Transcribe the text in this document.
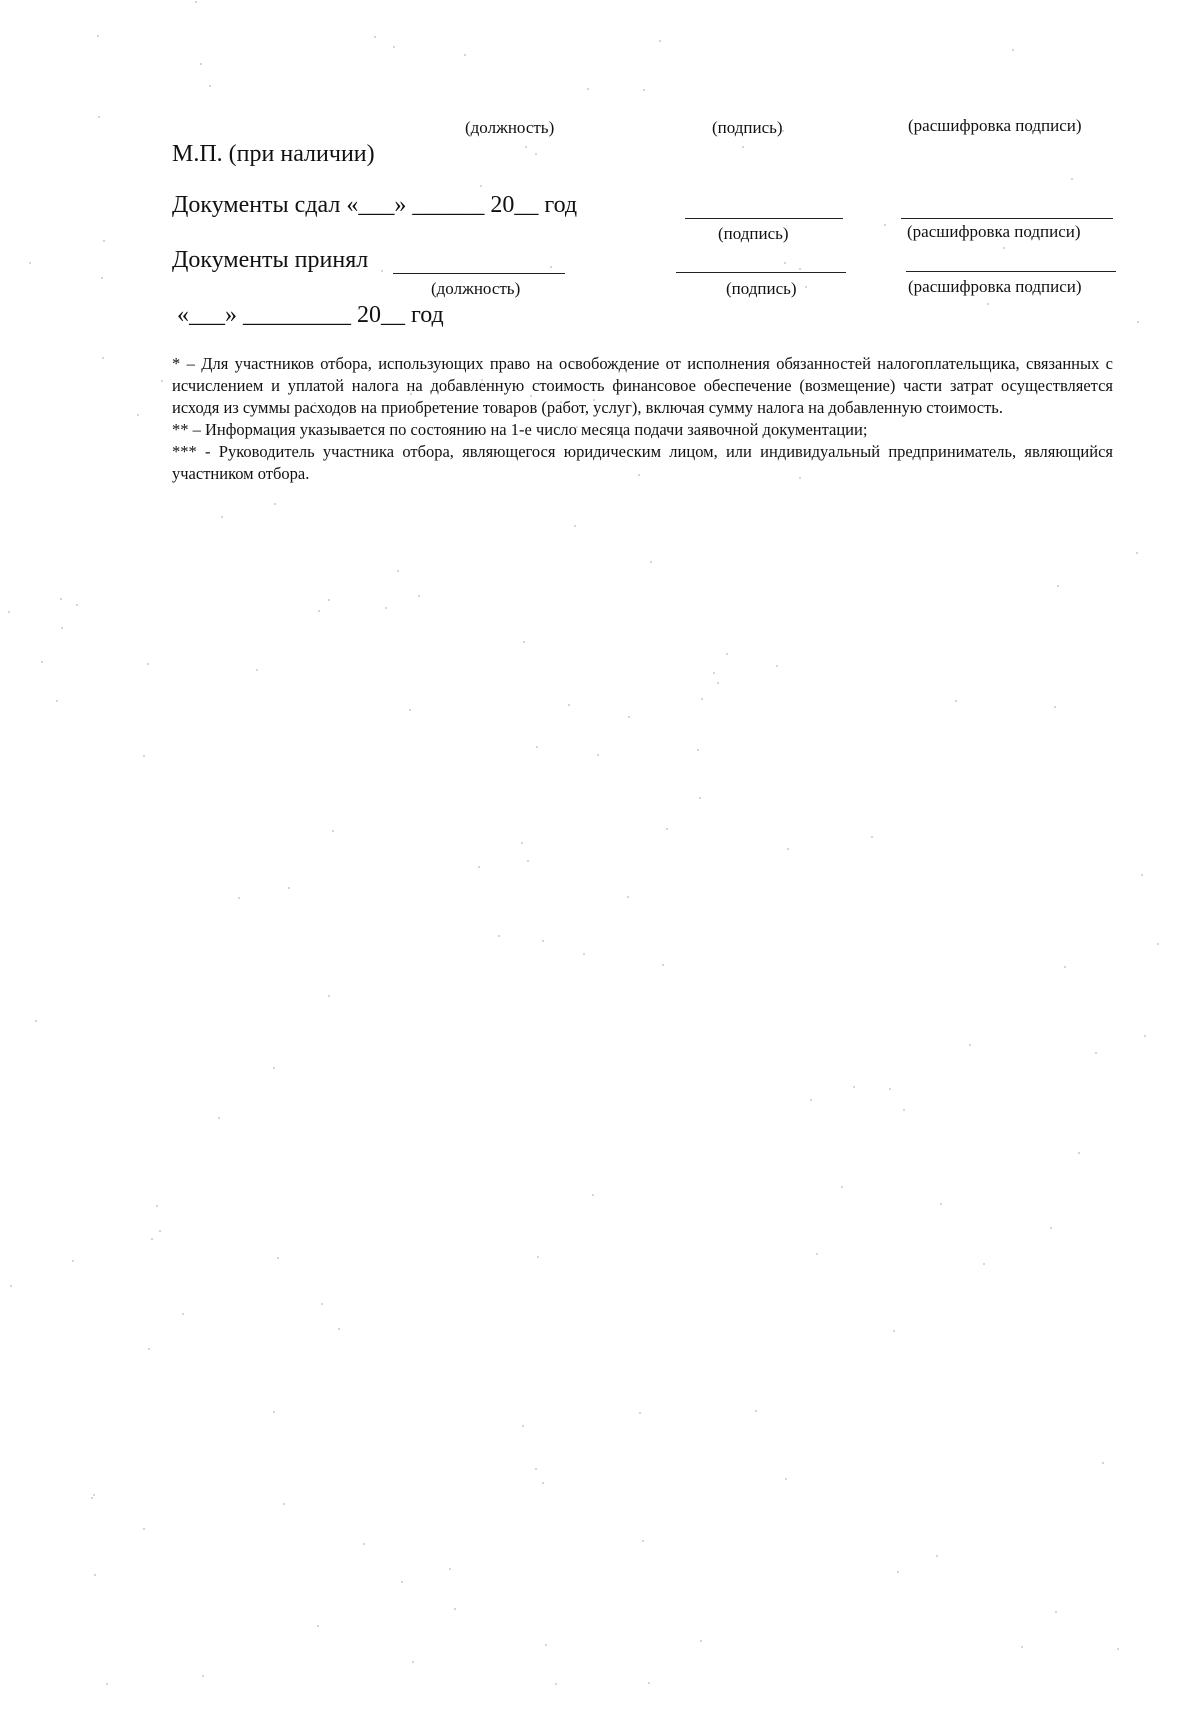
(должность)	(подпись)	(расшифровка подписи)
М.П. (при наличии)
Документы сдал «___» ______ 20__ год
(подпись)	(расшифровка подписи)
Документы принял
(должность)	(подпись)	(расшифровка подписи)
«___» _________ 20__ год

* – Для участников отбора, использующих право на освобождение от исполнения обязанностей налогоплательщика, связанных с исчислением и уплатой налога на добавленную стоимость финансовое обеспечение (возмещение) части затрат осуществляется исходя из суммы расходов на приобретение товаров (работ, услуг), включая сумму налога на добавленную стоимость.

** – Информация указывается по состоянию на 1-е число месяца подачи заявочной документации;

*** - Руководитель участника отбора, являющегося юридическим лицом, или индивидуальный предприниматель, являющийся участником отбора.
